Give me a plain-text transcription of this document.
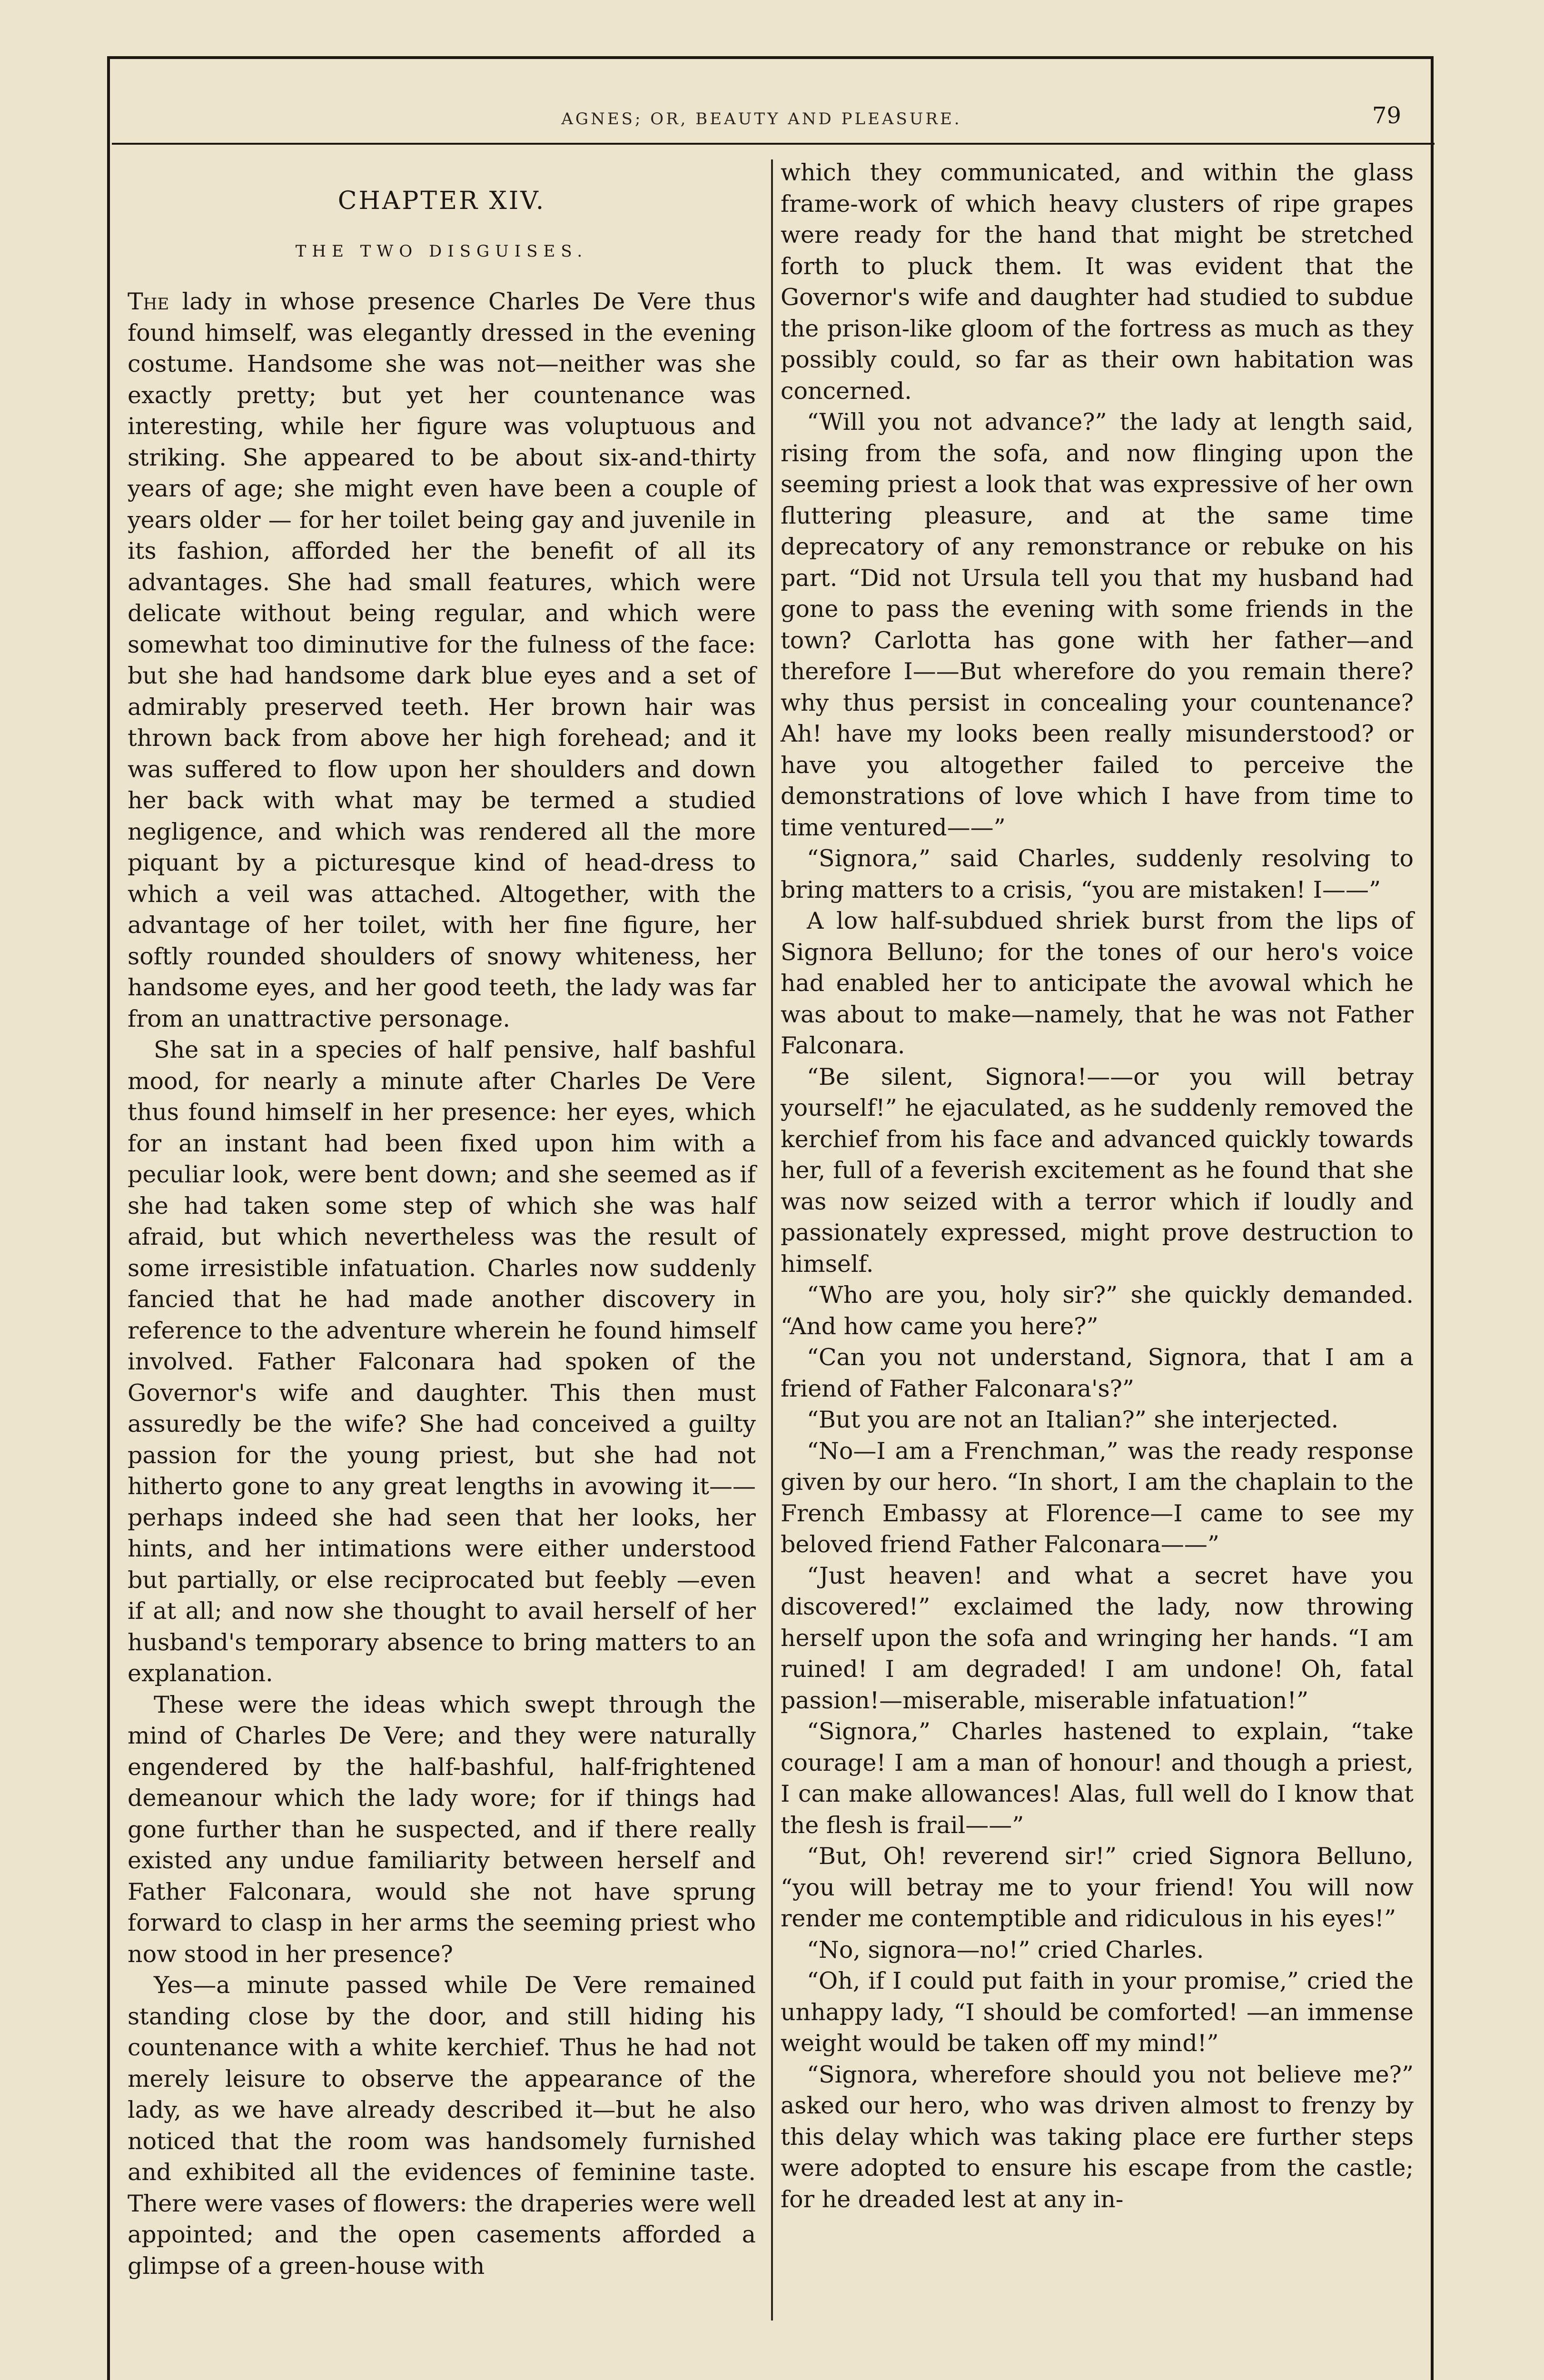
AGNES; OR, BEAUTY AND PLEASURE.	79
CHAPTER XIV.
THE TWO DISGUISES.

The lady in whose presence Charles De Vere thus found himself, was elegantly dressed in the evening costume. Handsome she was not—neither was she exactly pretty; but yet her countenance was interesting, while her figure was voluptuous and striking. She appeared to be about six-and-thirty years of age; she might even have been a couple of years older — for her toilet being gay and juvenile in its fashion, afforded her the benefit of all its advantages. She had small features, which were delicate without being regular, and which were somewhat too diminutive for the fulness of the face: but she had handsome dark blue eyes and a set of admirably preserved teeth. Her brown hair was thrown back from above her high forehead; and it was suffered to flow upon her shoulders and down her back with what may be termed a studied negligence, and which was rendered all the more piquant by a picturesque kind of head-dress to which a veil was attached. Altogether, with the advantage of her toilet, with her fine figure, her softly rounded shoulders of snowy whiteness, her handsome eyes, and her good teeth, the lady was far from an unattractive personage.

She sat in a species of half pensive, half bashful mood, for nearly a minute after Charles De Vere thus found himself in her presence: her eyes, which for an instant had been fixed upon him with a peculiar look, were bent down; and she seemed as if she had taken some step of which she was half afraid, but which nevertheless was the result of some irresistible infatuation. Charles now suddenly fancied that he had made another discovery in reference to the adventure wherein he found himself involved. Father Falconara had spoken of the Governor's wife and daughter. This then must assuredly be the wife? She had conceived a guilty passion for the young priest, but she had not hitherto gone to any great lengths in avowing it——perhaps indeed she had seen that her looks, her hints, and her intimations were either understood but partially, or else reciprocated but feebly —even if at all; and now she thought to avail herself of her husband's temporary absence to bring matters to an explanation.

These were the ideas which swept through the mind of Charles De Vere; and they were naturally engendered by the half-bashful, half-frightened demeanour which the lady wore; for if things had gone further than he suspected, and if there really existed any undue familiarity between herself and Father Falconara, would she not have sprung forward to clasp in her arms the seeming priest who now stood in her presence?

Yes—a minute passed while De Vere remained standing close by the door, and still hiding his countenance with a white kerchief. Thus he had not merely leisure to observe the appearance of the lady, as we have already described it—but he also noticed that the room was handsomely furnished and exhibited all the evidences of feminine taste. There were vases of flowers: the draperies were well appointed; and the open casements afforded a glimpse of a green-house with

which they communicated, and within the glass frame-work of which heavy clusters of ripe grapes were ready for the hand that might be stretched forth to pluck them. It was evident that the Governor's wife and daughter had studied to subdue the prison-like gloom of the fortress as much as they possibly could, so far as their own habitation was concerned.

“Will you not advance?” the lady at length said, rising from the sofa, and now flinging upon the seeming priest a look that was expressive of her own fluttering pleasure, and at the same time deprecatory of any remonstrance or rebuke on his part. “Did not Ursula tell you that my husband had gone to pass the evening with some friends in the town? Carlotta has gone with her father—and therefore I——But wherefore do you remain there? why thus persist in concealing your countenance? Ah! have my looks been really misunderstood? or have you altogether failed to perceive the demonstrations of love which I have from time to time ventured——”

“Signora,” said Charles, suddenly resolving to bring matters to a crisis, “you are mistaken! I——”

A low half-subdued shriek burst from the lips of Signora Belluno; for the tones of our hero's voice had enabled her to anticipate the avowal which he was about to make—namely, that he was not Father Falconara.

“Be silent, Signora!——or you will betray yourself!” he ejaculated, as he suddenly removed the kerchief from his face and advanced quickly towards her, full of a feverish excitement as he found that she was now seized with a terror which if loudly and passionately expressed, might prove destruction to himself.

“Who are you, holy sir?” she quickly demanded. “And how came you here?”

“Can you not understand, Signora, that I am a friend of Father Falconara's?”

“But you are not an Italian?” she interjected.

“No—I am a Frenchman,” was the ready response given by our hero. “In short, I am the chaplain to the French Embassy at Florence—I came to see my beloved friend Father Falconara——”

“Just heaven! and what a secret have you discovered!” exclaimed the lady, now throwing herself upon the sofa and wringing her hands. “I am ruined! I am degraded! I am undone! Oh, fatal passion!—miserable, miserable infatuation!”

“Signora,” Charles hastened to explain, “take courage! I am a man of honour! and though a priest, I can make allowances! Alas, full well do I know that the flesh is frail——”

“But, Oh! reverend sir!” cried Signora Belluno, “you will betray me to your friend! You will now render me contemptible and ridiculous in his eyes!”

“No, signora—no!” cried Charles.

“Oh, if I could put faith in your promise,” cried the unhappy lady, “I should be comforted! —an immense weight would be taken off my mind!”

“Signora, wherefore should you not believe me?” asked our hero, who was driven almost to frenzy by this delay which was taking place ere further steps were adopted to ensure his escape from the castle; for he dreaded lest at any in-
